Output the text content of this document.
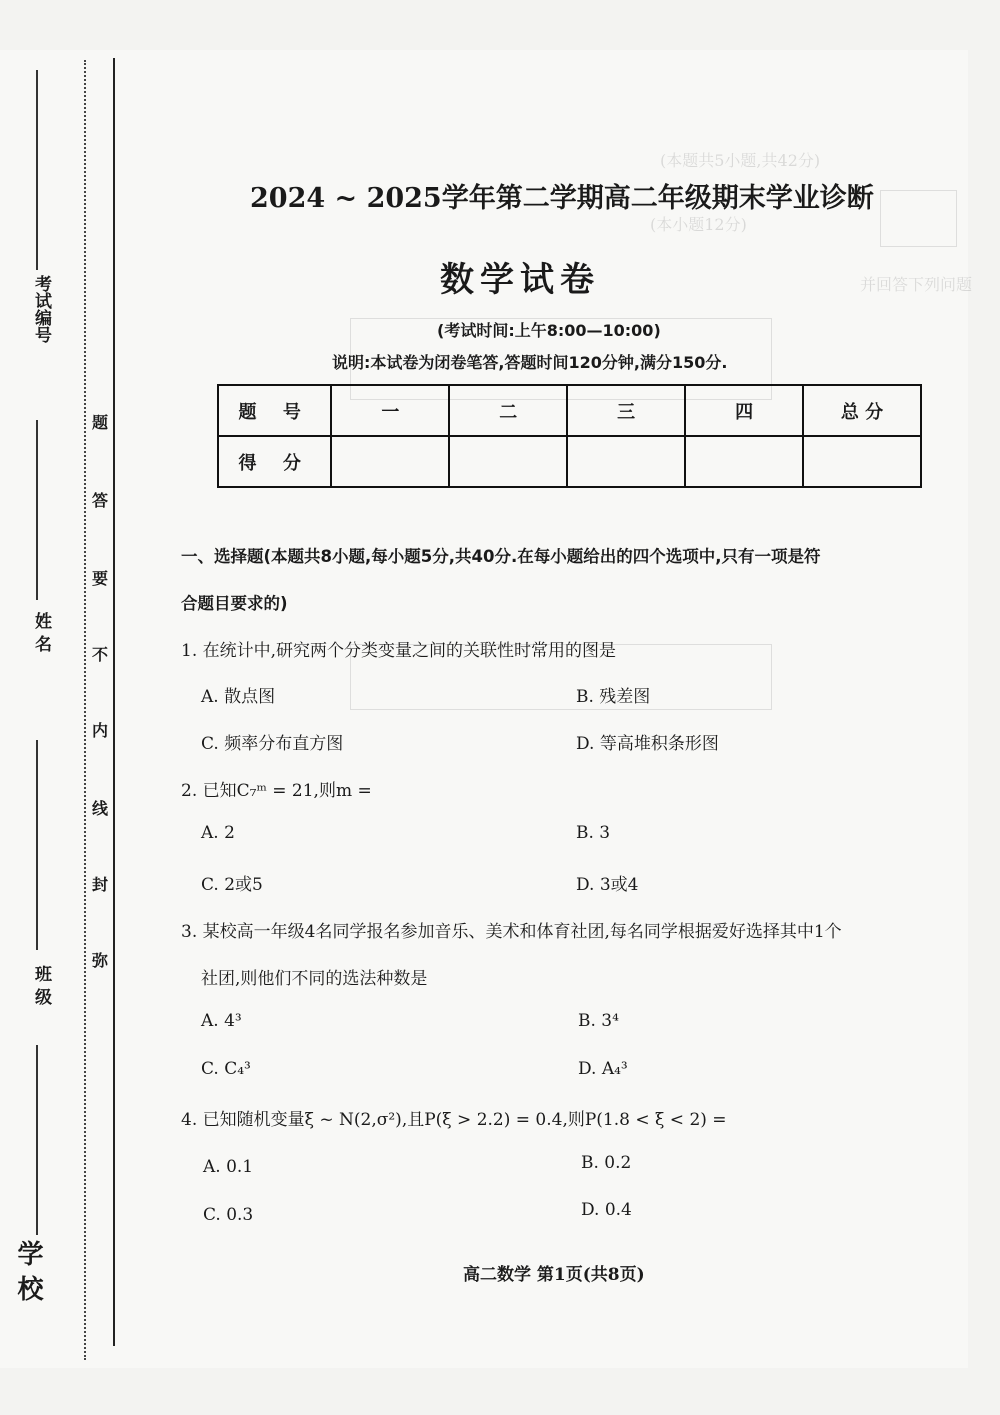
(本题共5小题,共42分)
(本小题12分)
并回答下列问题
考试编号
姓 名
班 级
学 校
题
答
要
不
内
线
封
弥
2024 ~ 2025学年第二学期高二年级期末学业诊断
数学试卷
(考试时间:上午8:00—10:00)
说明:本试卷为闭卷笔答,答题时间120分钟,满分150分.
题 号	一	二	三	四	总 分
得 分					
一、选择题(本题共8小题,每小题5分,共40分.在每小题给出的四个选项中,只有一项是符
合题目要求的)
1. 在统计中,研究两个分类变量之间的关联性时常用的图是
A. 散点图	B. 残差图
C. 频率分布直方图	D. 等高堆积条形图
2. 已知C₇ᵐ = 21,则m =
A. 2	B. 3
C. 2或5	D. 3或4
3. 某校高一年级4名同学报名参加音乐、美术和体育社团,每名同学根据爱好选择其中1个
社团,则他们不同的选法种数是
A. 4³	B. 3⁴
C. C₄³	D. A₄³
4. 已知随机变量ξ ~ N(2,σ²),且P(ξ > 2.2) = 0.4,则P(1.8 < ξ < 2) =
A. 0.1	B. 0.2
C. 0.3	D. 0.4
高二数学 第1页(共8页)
